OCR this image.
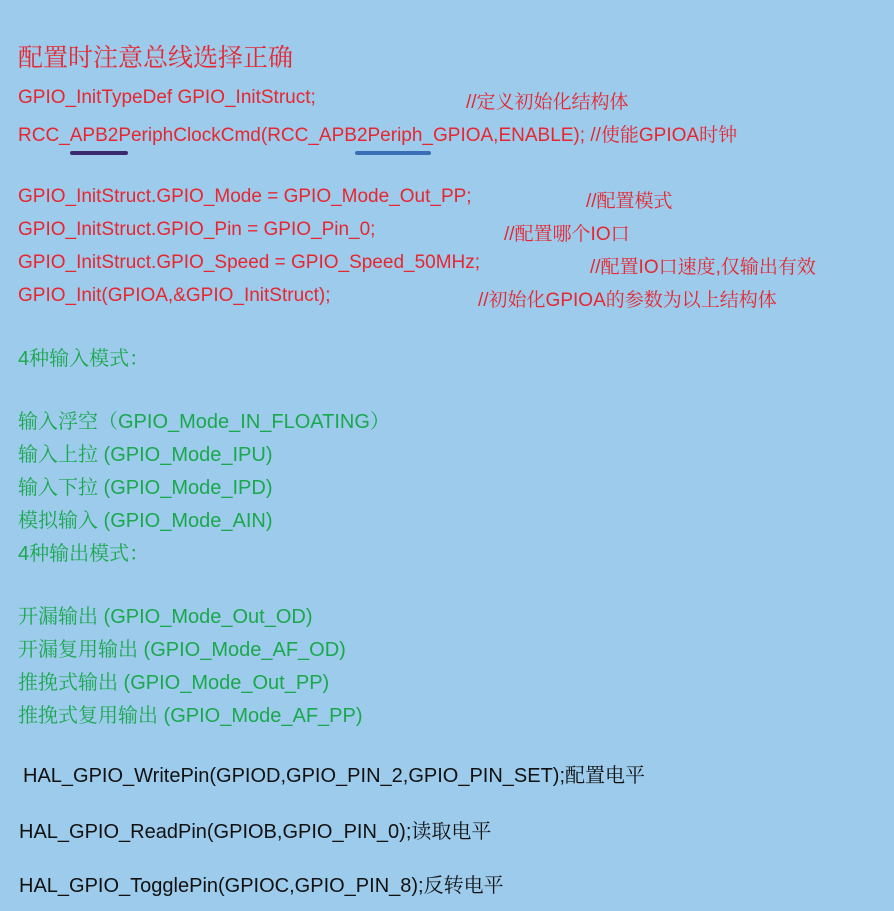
配置时注意总线选择正确
GPIO_InitTypeDef GPIO_InitStruct;	//定义初始化结构体
RCC_APB2PeriphClockCmd(RCC_APB2Periph_GPIOA,ENABLE); //使能GPIOA时钟
GPIO_InitStruct.GPIO_Mode = GPIO_Mode_Out_PP;	//配置模式
GPIO_InitStruct.GPIO_Pin = GPIO_Pin_0;	//配置哪个IO口
GPIO_InitStruct.GPIO_Speed = GPIO_Speed_50MHz;	//配置IO口速度,仅输出有效
GPIO_Init(GPIOA,&GPIO_InitStruct);	//初始化GPIOA的参数为以上结构体
4种输入模式：
输入浮空（GPIO_Mode_IN_FLOATING）
输入上拉 (GPIO_Mode_IPU)
输入下拉 (GPIO_Mode_IPD)
模拟输入 (GPIO_Mode_AIN)
4种输出模式：
开漏输出 (GPIO_Mode_Out_OD)
开漏复用输出 (GPIO_Mode_AF_OD)
推挽式输出 (GPIO_Mode_Out_PP)
推挽式复用输出 (GPIO_Mode_AF_PP)
HAL_GPIO_WritePin(GPIOD,GPIO_PIN_2,GPIO_PIN_SET);配置电平
HAL_GPIO_ReadPin(GPIOB,GPIO_PIN_0);读取电平
HAL_GPIO_TogglePin(GPIOC,GPIO_PIN_8);反转电平
